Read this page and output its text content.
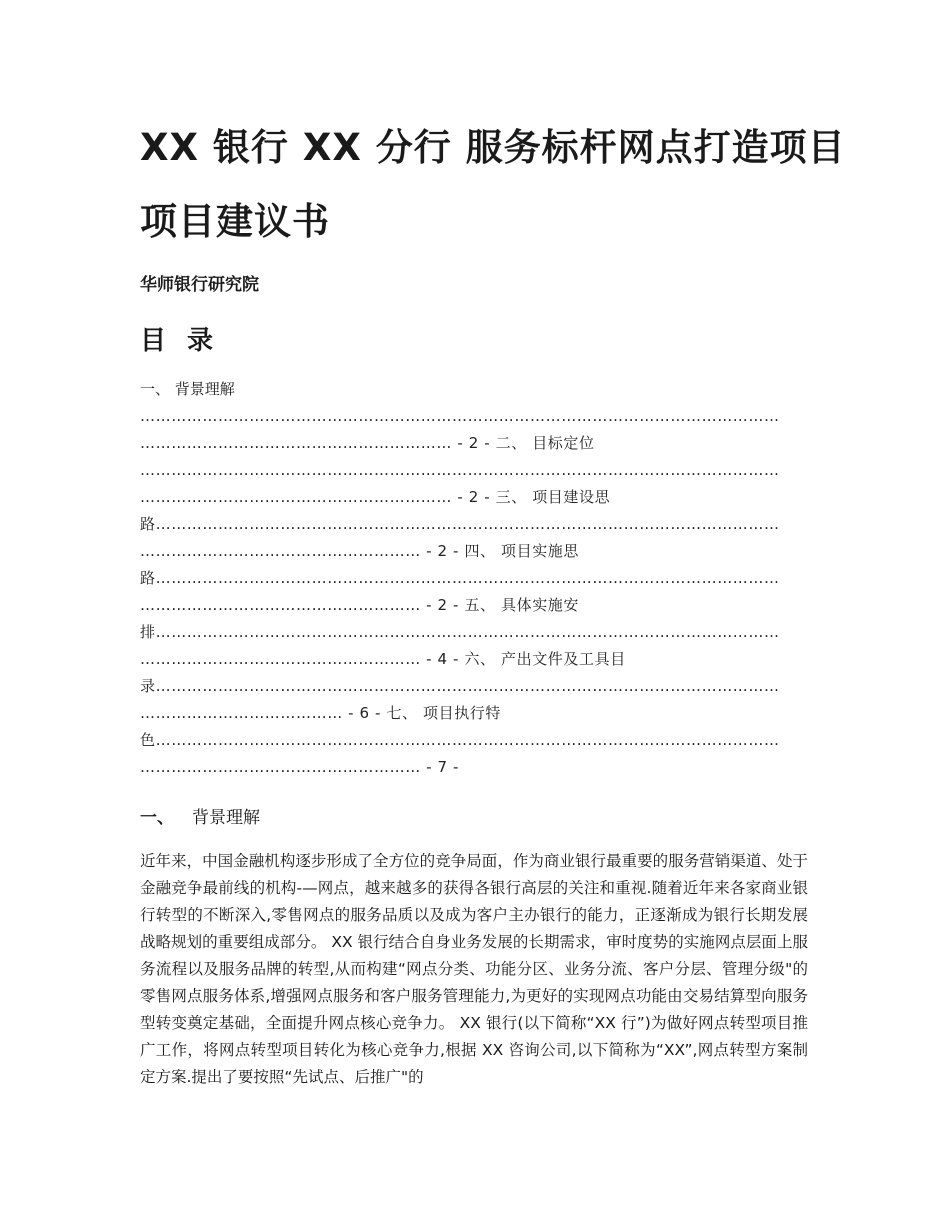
XX 银行 XX 分行 服务标杆网点打造项目
项目建议书
华师银行研究院
目 录
一、 背景理解
……………………………………………………………………………………………………………
…………………………………………………… - 2 - 二、 目标定位
……………………………………………………………………………………………………………
…………………………………………………… - 2 - 三、 项目建设思
路…………………………………………………………………………………………………………
……………………………………………… - 2 - 四、 项目实施思
路…………………………………………………………………………………………………………
……………………………………………… - 2 - 五、 具体实施安
排…………………………………………………………………………………………………………
……………………………………………… - 4 - 六、 产出文件及工具目
录…………………………………………………………………………………………………………
………………………………… - 6 - 七、 项目执行特
色…………………………………………………………………………………………………………
……………………………………………… - 7 -
一、 背景理解

近年来，中国金融机构逐步形成了全方位的竞争局面，作为商业银行最重要的服务营销渠道、处于金融竞争最前线的机构-—网点，越来越多的获得各银行高层的关注和重视.随着近年来各家商业银行转型的不断深入,零售网点的服务品质以及成为客户主办银行的能力，正逐渐成为银行长期发展战略规划的重要组成部分。 XX 银行结合自身业务发展的长期需求，审时度势的实施网点层面上服务流程以及服务品牌的转型,从而构建“网点分类、功能分区、业务分流、客户分层、管理分级"的零售网点服务体系,增强网点服务和客户服务管理能力,为更好的实现网点功能由交易结算型向服务型转变奠定基础，全面提升网点核心竞争力。 XX 银行(以下简称“XX 行”)为做好网点转型项目推广工作，将网点转型项目转化为核心竞争力,根据 XX 咨询公司,以下简称为“XX”,网点转型方案制定方案.提出了要按照“先试点、后推广"的
